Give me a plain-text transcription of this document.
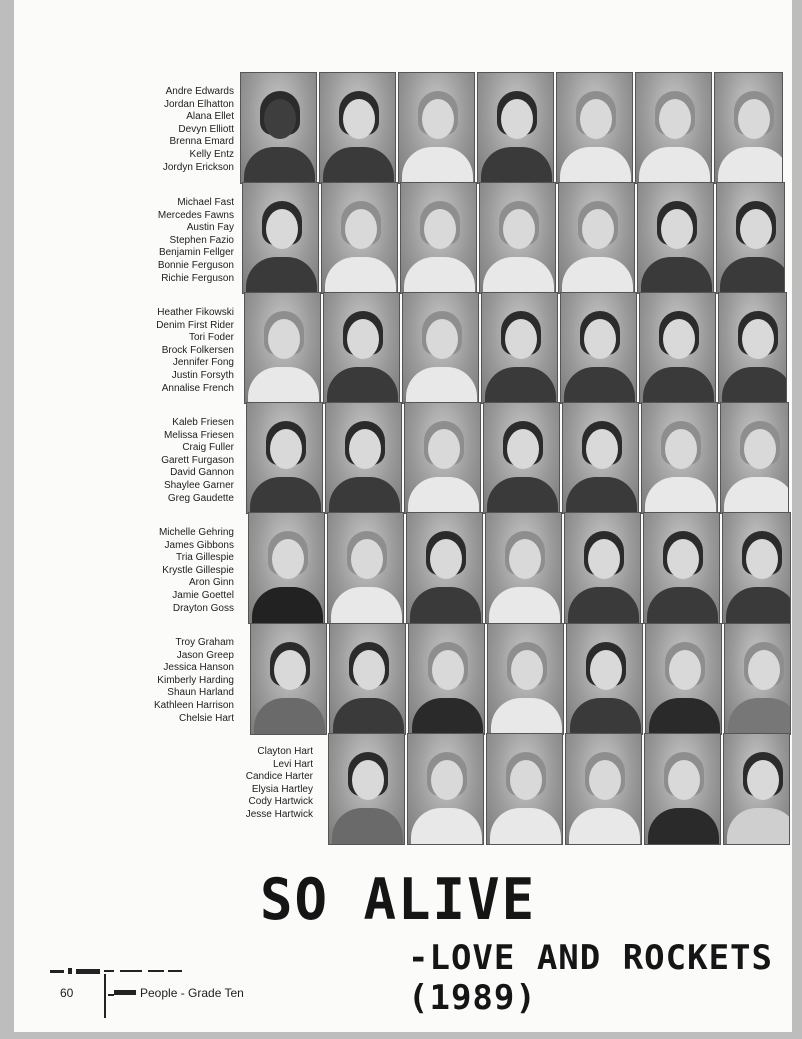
Andre Edwards
Jordan Elhatton
Alana Ellet
Devyn Elliott
Brenna Emard
Kelly Entz
Jordyn Erickson
Michael Fast
Mercedes Fawns
Austin Fay
Stephen Fazio
Benjamin Fellger
Bonnie Ferguson
Richie Ferguson
Heather Fikowski
Denim First Rider
Tori Foder
Brock Folkersen
Jennifer Fong
Justin Forsyth
Annalise French
Kaleb Friesen
Melissa Friesen
Craig Fuller
Garett Furgason
David Gannon
Shaylee Garner
Greg Gaudette
Michelle Gehring
James Gibbons
Tria Gillespie
Krystle Gillespie
Aron Ginn
Jamie Goettel
Drayton Goss
Troy Graham
Jason Greep
Jessica Hanson
Kimberly Harding
Shaun Harland
Kathleen Harrison
Chelsie Hart
Clayton Hart
Levi Hart
Candice Harter
Elysia Hartley
Cody Hartwick
Jesse Hartwick
SO ALIVE
-LOVE AND ROCKETS (1989)
60	People - Grade Ten
